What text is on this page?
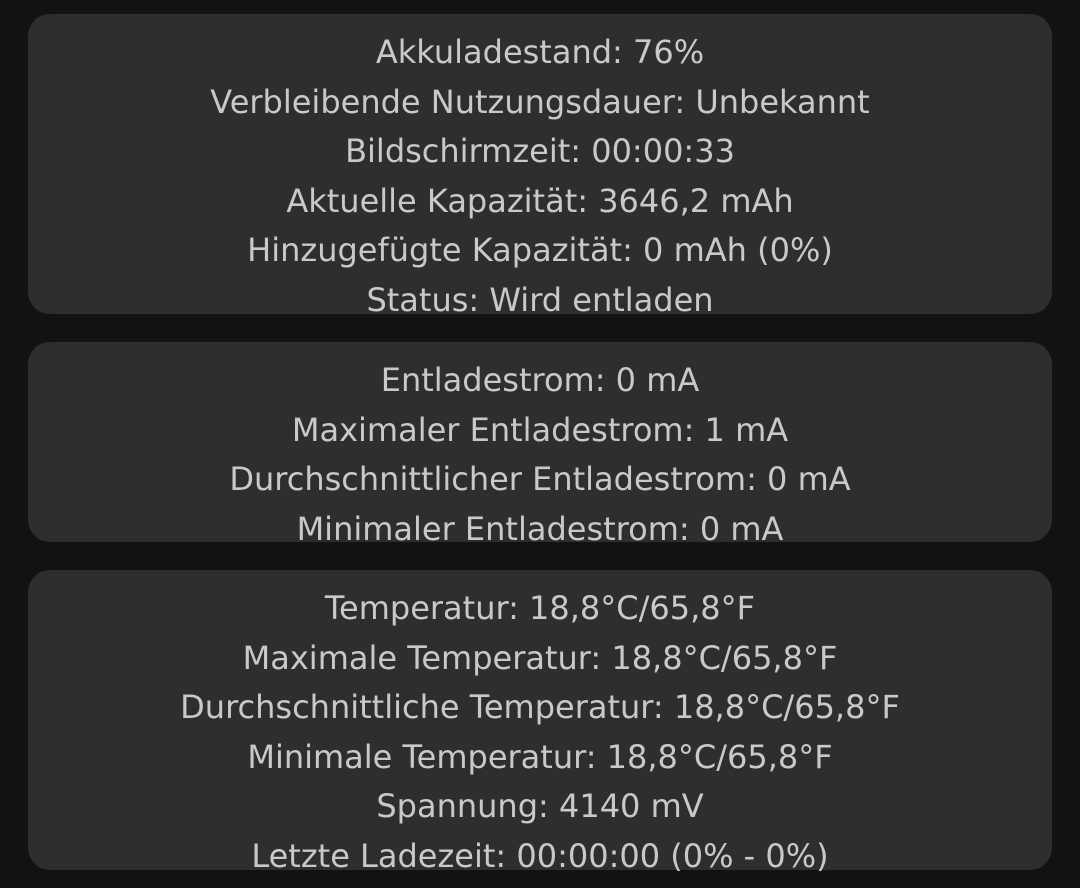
Akkuladestand: 76%
Verbleibende Nutzungsdauer: Unbekannt
Bildschirmzeit: 00:00:33
Aktuelle Kapazität: 3646,2 mAh
Hinzugefügte Kapazität: 0 mAh (0%)
Status: Wird entladen
Entladestrom: 0 mA
Maximaler Entladestrom: 1 mA
Durchschnittlicher Entladestrom: 0 mA
Minimaler Entladestrom: 0 mA
Temperatur: 18,8°C/65,8°F
Maximale Temperatur: 18,8°C/65,8°F
Durchschnittliche Temperatur: 18,8°C/65,8°F
Minimale Temperatur: 18,8°C/65,8°F
Spannung: 4140 mV
Letzte Ladezeit: 00:00:00 (0% - 0%)
